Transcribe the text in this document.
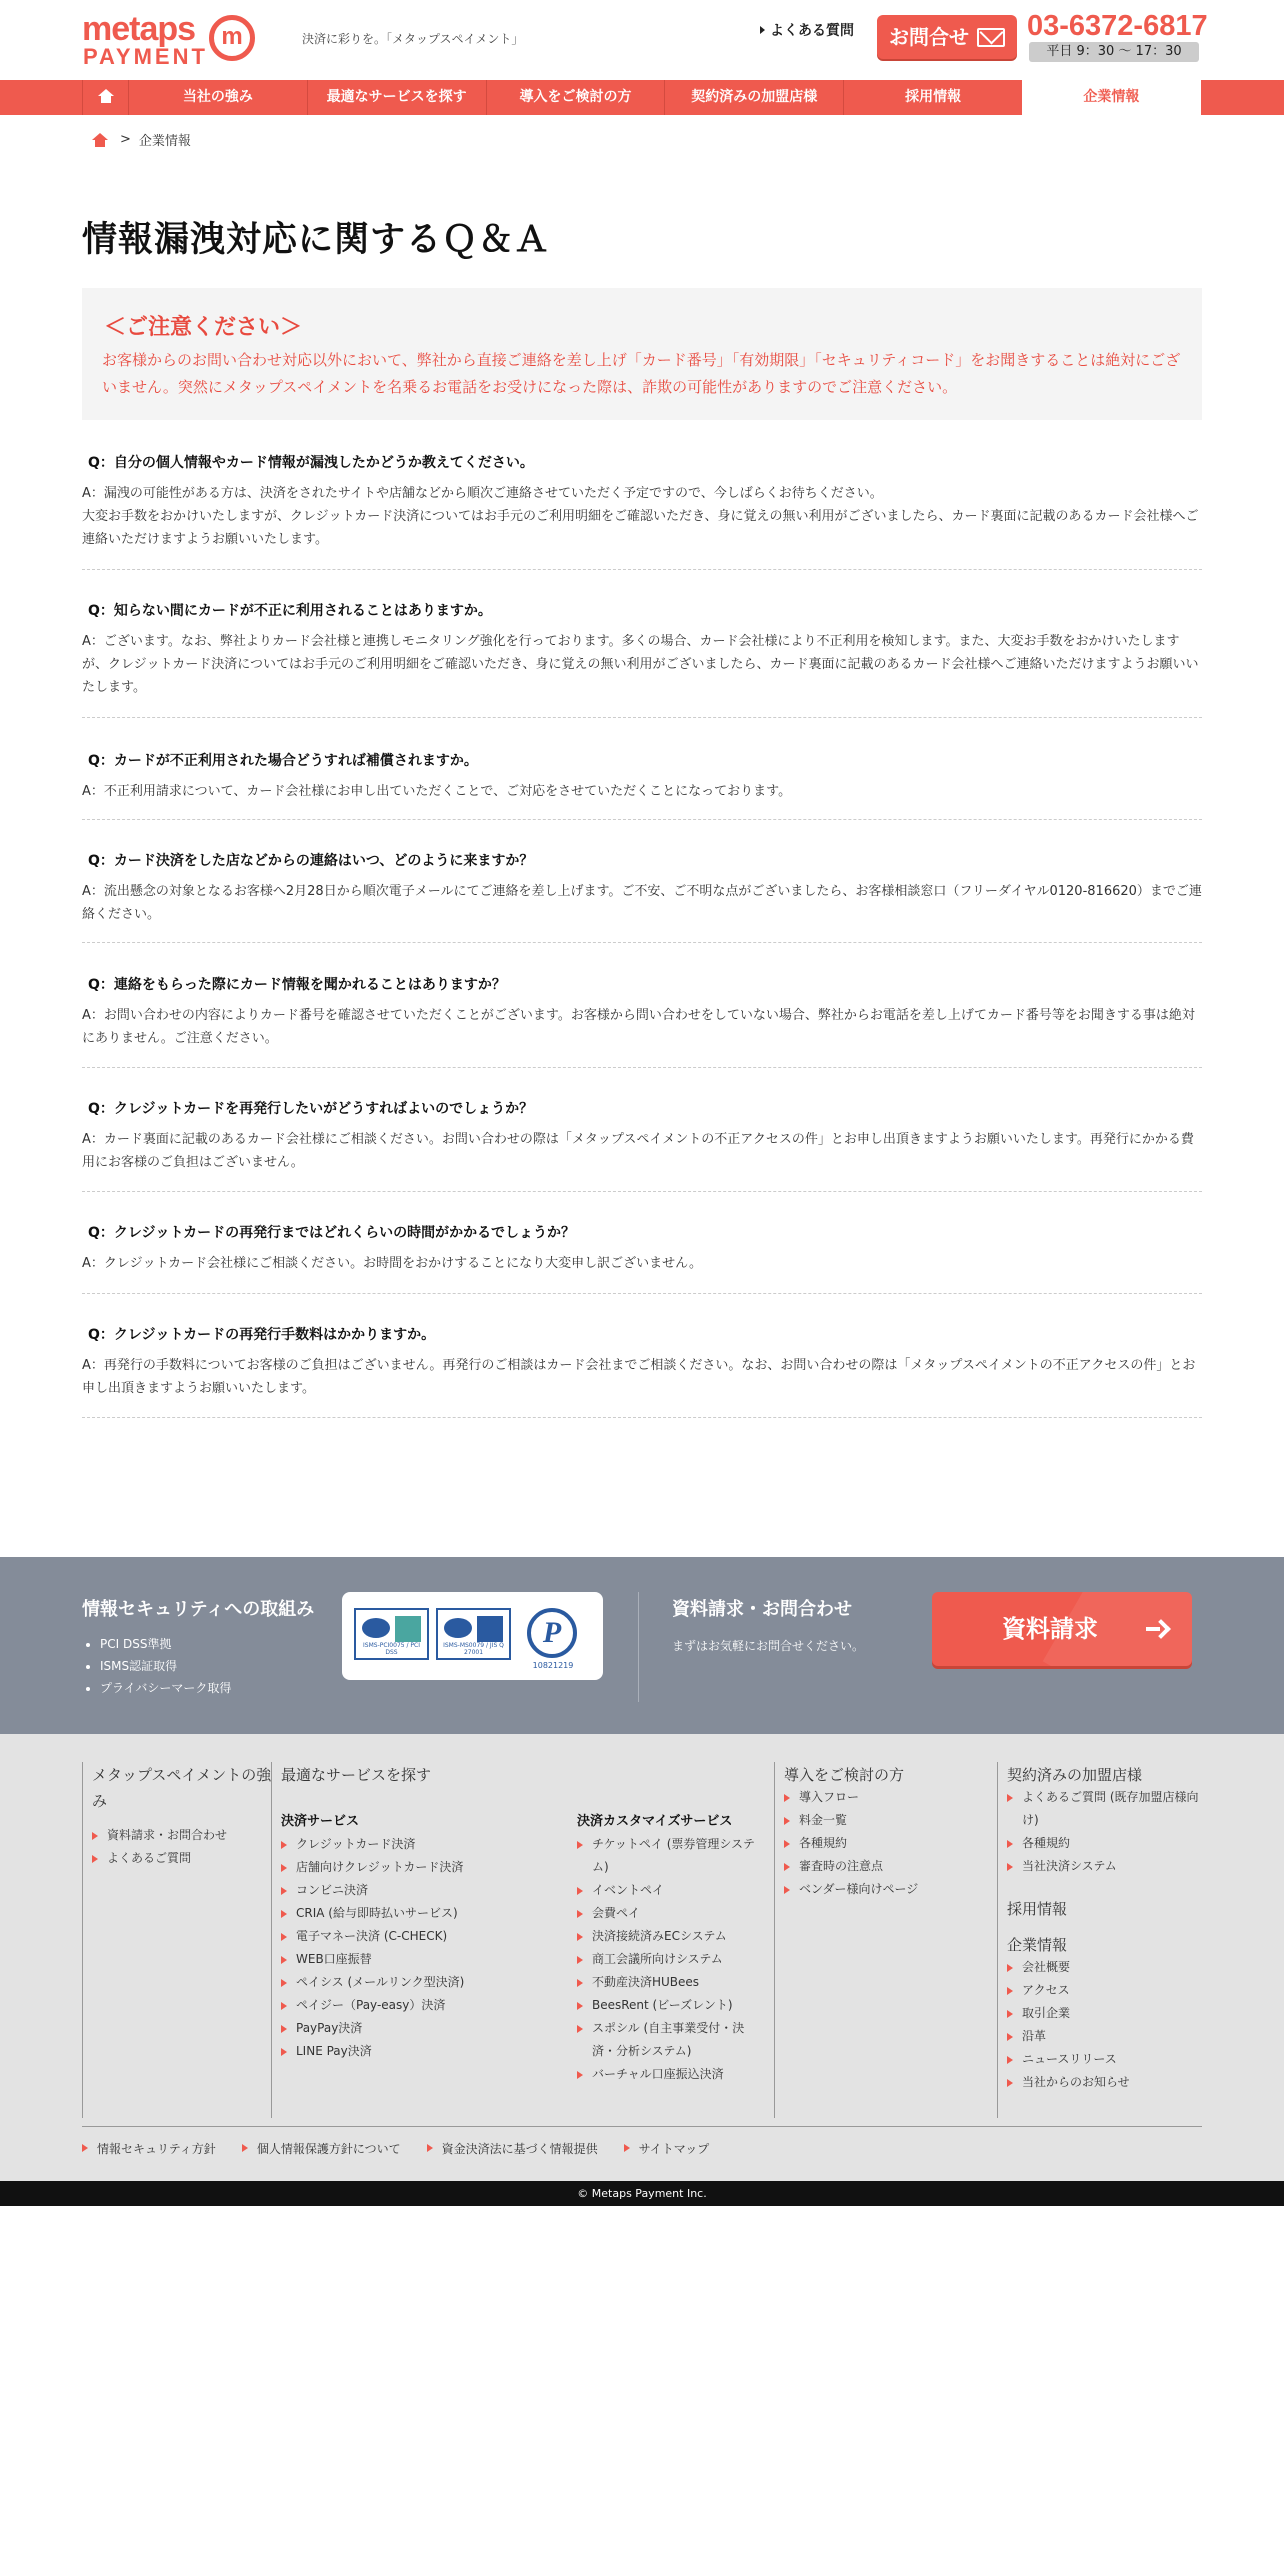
metaps
PAYMENT
m	決済に彩りを。「メタップスペイメント」	よくある質問	お問合せ	03-6372-6817
平日 9：30 〜 17：30
当社の強み	最適なサービスを探す	導入をご検討の方	契約済みの加盟店様	採用情報	企業情報
> 企業情報
情報漏洩対応に関するＱ＆Ａ
＜ご注意ください＞
お客様からのお問い合わせ対応以外において、弊社から直接ご連絡を差し上げ「カード番号」「有効期限」「セキュリティコード」をお聞きすることは絶対にございません。突然にメタップスペイメントを名乗るお電話をお受けになった際は、詐欺の可能性がありますのでご注意ください。
Q：自分の個人情報やカード情報が漏洩したかどうか教えてください。
A：漏洩の可能性がある方は、決済をされたサイトや店舗などから順次ご連絡させていただく予定ですので、今しばらくお待ちください。
大変お手数をおかけいたしますが、クレジットカード決済についてはお手元のご利用明細をご確認いただき、身に覚えの無い利用がございましたら、カード裏面に記載のあるカード会社様へご連絡いただけますようお願いいたします。
Q：知らない間にカードが不正に利用されることはありますか。
A：ございます。なお、弊社よりカード会社様と連携しモニタリング強化を行っております。多くの場合、カード会社様により不正利用を検知します。また、大変お手数をおかけいたしますが、クレジットカード決済についてはお手元のご利用明細をご確認いただき、身に覚えの無い利用がございましたら、カード裏面に記載のあるカード会社様へご連絡いただけますようお願いいたします。
Q：カードが不正利用された場合どうすれば補償されますか。
A：不正利用請求について、カード会社様にお申し出ていただくことで、ご対応をさせていただくことになっております。
Q：カード決済をした店などからの連絡はいつ、どのように来ますか？
A：流出懸念の対象となるお客様へ2月28日から順次電子メールにてご連絡を差し上げます。ご不安、ご不明な点がございましたら、お客様相談窓口（フリーダイヤル0120-816620）までご連絡ください。
Q：連絡をもらった際にカード情報を聞かれることはありますか？
A：お問い合わせの内容によりカード番号を確認させていただくことがございます。お客様から問い合わせをしていない場合、弊社からお電話を差し上げてカード番号等をお聞きする事は絶対にありません。ご注意ください。
Q：クレジットカードを再発行したいがどうすればよいのでしょうか？
A：カード裏面に記載のあるカード会社様にご相談ください。お問い合わせの際は「メタップスペイメントの不正アクセスの件」とお申し出頂きますようお願いいたします。再発行にかかる費用にお客様のご負担はございません。
Q：クレジットカードの再発行まではどれくらいの時間がかかるでしょうか？
A：クレジットカード会社様にご相談ください。お時間をおかけすることになり大変申し訳ございません。
Q：クレジットカードの再発行手数料はかかりますか。
A：再発行の手数料についてお客様のご負担はございません。再発行のご相談はカード会社までご相談ください。なお、お問い合わせの際は「メタップスペイメントの不正アクセスの件」とお申し出頂きますようお願いいたします。
情報セキュリティへの取組み
• PCI DSS準拠
• ISMS認証取得
• プライバシーマーク取得
ISMS-PCI0075 / PCI DSS
ISMS-MS0079 / JIS Q 27001
P
10821219
資料請求・お問合わせ
まずはお気軽にお問合せください。
資料請求
メタップスペイメントの強み
資料請求・お問合わせ
よくあるご質問
最適なサービスを探す
決済サービス
クレジットカード決済
店舗向けクレジットカード決済
コンビニ決済
CRIA (給与即時払いサービス)
電子マネー決済 (C-CHECK)
WEB口座振替
ペイシス (メールリンク型決済)
ペイジー（Pay-easy）決済
PayPay決済
LINE Pay決済
決済カスタマイズサービス
チケットペイ (票券管理システム)
イベントペイ
会費ペイ
決済接続済みECシステム
商工会議所向けシステム
不動産決済HUBees
BeesRent (ビーズレント)
スポシル (自主事業受付・決済・分析システム)
バーチャル口座振込決済
導入をご検討の方
導入フロー
料金一覧
各種規約
審査時の注意点
ベンダー様向けページ
契約済みの加盟店様
よくあるご質問 (既存加盟店様向け)
各種規約
当社決済システム
採用情報
企業情報
会社概要
アクセス
取引企業
沿革
ニュースリリース
当社からのお知らせ
情報セキュリティ方針	個人情報保護方針について	資金決済法に基づく情報提供	サイトマップ
© Metaps Payment Inc.
